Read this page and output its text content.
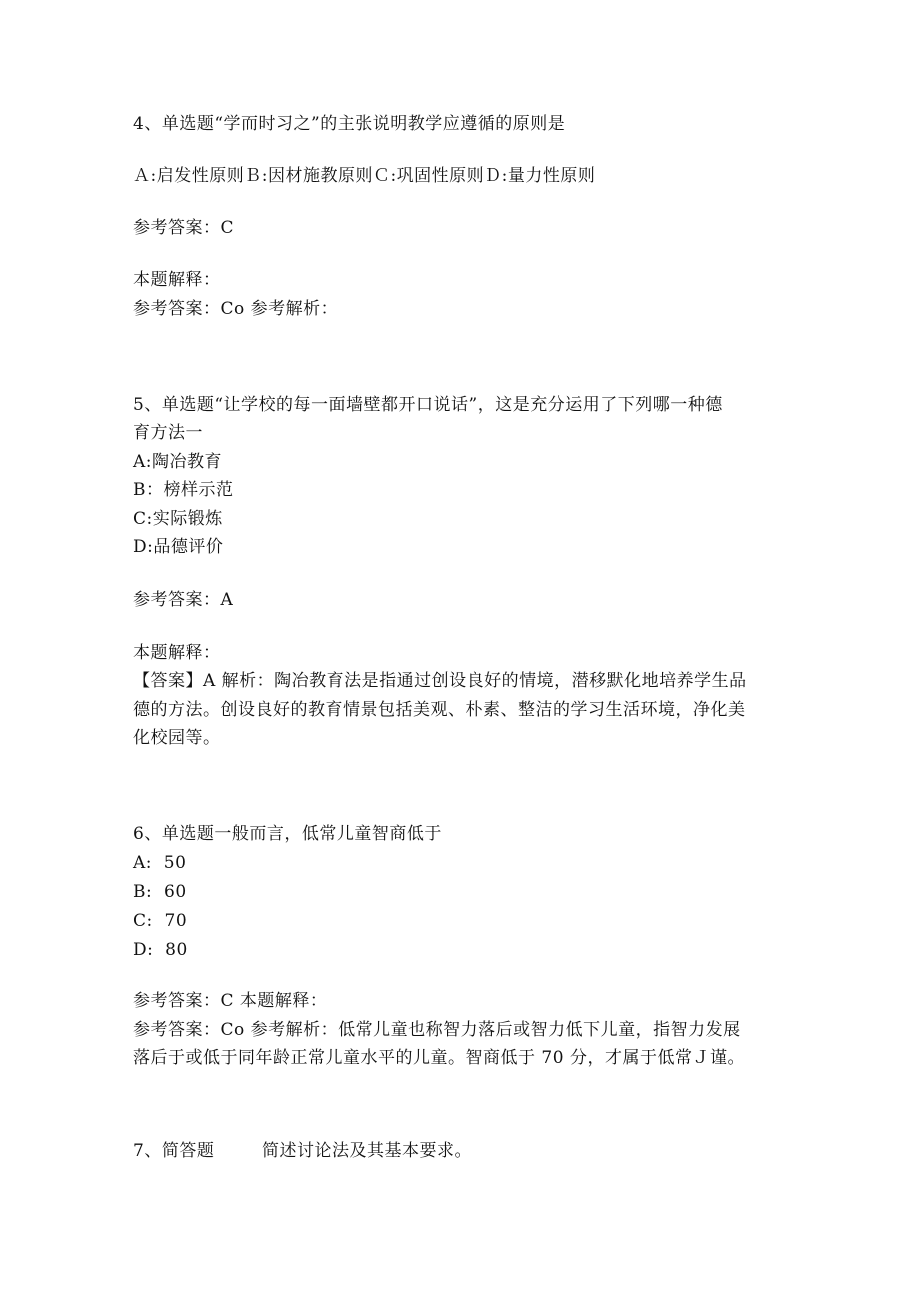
4、单选题“学而时习之”的主张说明教学应遵循的原则是
Ａ:启发性原则Ｂ:因材施教原则Ｃ:巩固性原则Ｄ:量力性原则
参考答案：C
本题解释：
参考答案：Co 参考解析：
5、单选题“让学校的每一面墙壁都开口说话”，这是充分运用了下列哪一种德
育方法一
A:陶冶教育
B：榜样示范
C:实际锻炼
D:品德评价
参考答案：A
本题解释：
【答案】A 解析：陶冶教育法是指通过创设良好的情境，潜移默化地培养学生品
德的方法。创设良好的教育情景包括美观、朴素、整洁的学习生活环境，净化美
化校园等。
6、单选题一般而言，低常儿童智商低于
A:  50
B:  60
C:  70
D:  80
参考答案：C 本题解释：
参考答案：Co 参考解析：低常儿童也称智力落后或智力低下儿童，指智力发展
落后于或低于同年龄正常儿童水平的儿童。智商低于 70 分，才属于低常Ｊ谨。
7、简答题	简述讨论法及其基本要求。
